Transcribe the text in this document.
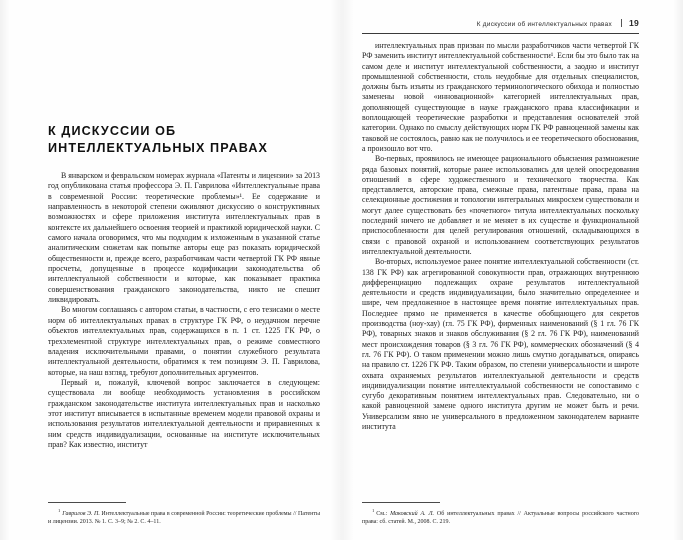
К ДИСКУССИИ ОБ ИНТЕЛЛЕКТУАЛЬНЫХ ПРАВАХ

В январском и февральском номерах журнала «Патенты и лицензии» за 2013 год опубликована статья профессора Э. П. Гаврилова «Интеллектуальные права в современной России: теоретические проблемы»¹. Ее содержание и направленность в некоторой степени оживляют дискуссию о конструктивных возможностях и сфере приложения института интеллектуальных прав в контексте их дальнейшего освоения теорией и практикой юридической науки. С самого начала оговоримся, что мы подходим к изложенным в указанной статье аналитическим сюжетам как попытке авторы еще раз показать юридической общественности и, прежде всего, разработчикам части четвертой ГК РФ явные просчеты, допущенные в процессе кодификации законодательства об интеллектуальной собственности и которые, как показывает практика совершенствования гражданского законодательства, никто не спешит ликвидировать.

Во многом соглашаясь с автором статьи, в частности, с его тезисами о месте норм об интеллектуальных правах в структуре ГК РФ, о неудачном перечне объектов интеллектуальных прав, содержащихся в п. 1 ст. 1225 ГК РФ, о трехэлементной структуре интеллектуальных прав, о режиме совместного владения исключительными правами, о понятии служебного результата интеллектуальной деятельности, обратимся к тем позициям Э. П. Гаврилова, которые, на наш взгляд, требуют дополнительных аргументов.

Первый и, пожалуй, ключевой вопрос заключается в следующем: существовала ли вообще необходимость установления в российском гражданском законодательстве института интеллектуальных прав и насколько этот институт вписывается в испытанные временем модели правовой охраны и использования результатов интеллектуальной деятельности и приравненных к ним средств индивидуализации, основанные на институте исключительных прав? Как известно, институт

$^1$Гаврилов Э. П. Интеллектуальные права в современной России: теоретические проблемы // Патенты и лицензии. 2013. № 1. С. 3–9; № 2. С. 4–11.

К дискуссии об интеллектуальных правах 19

интеллектуальных прав призван по мысли разработчиков части четвертой ГК РФ заменить институт интеллектуальной собственности¹. Если бы это было так на самом деле и институт интеллектуальной собственности, а заодно и институт промышленной собственности, столь неудобные для отдельных специалистов, должны быть изъяты из гражданского терминологического обихода и полностью заменены новой «инновационной» категорией интеллектуальных прав, дополняющей существующие в науке гражданского права классификации и воплощающей теоретические разработки и представления основателей этой категории. Однако по смыслу действующих норм ГК РФ равноценной замены как таковой не состоялось, равно как не получилось и ее теоретического обоснования, а произошло вот что.

Во-первых, проявилось не имеющее рационального объяснения размножение ряда базовых понятий, которые ранее использовались для целей опосредования отношений в сфере художественного и технического творчества. Как представляется, авторские права, смежные права, патентные права, права на селекционные достижения и топологии интегральных микросхем существовали и могут далее существовать без «почетного» титула интеллектуальных поскольку последний ничего не добавляет и не меняет в их существе и функциональной приспособленности для целей регулирования отношений, складывающихся в связи с правовой охраной и использованием соответствующих результатов интеллектуальной деятельности.

Во-вторых, используемое ранее понятие интеллектуальной собственности (ст. 138 ГК РФ) как агрегированной совокупности прав, отражающих внутреннюю дифференциацию подлежащих охране результатов интеллектуальной деятельности и средств индивидуализации, было значительно определеннее и шире, чем предложенное в настоящее время понятие интеллектуальных прав. Последнее прямо не применяется в качестве обобщающего для секретов производства (ноу-хау) (гл. 75 ГК РФ), фирменных наименований (§ 1 гл. 76 ГК РФ), товарных знаков и знаков обслуживания (§ 2 гл. 76 ГК РФ), наименований мест происхождения товаров (§ 3 гл. 76 ГК РФ), коммерческих обозначений (§ 4 гл. 76 ГК РФ). О таком применении можно лишь смутно догадываться, опираясь на правило ст. 1226 ГК РФ. Таким образом, по степени универсальности и широте охвата охраняемых результатов интеллектуальной деятельности и средств индивидуализации понятие интеллектуальной собственности не сопоставимо с сугубо декоративным понятием интеллектуальных прав. Следовательно, ни о какой равноценной замене одного института другим не может быть и речи. Универсализм явно не универсального в предложенном законодателем варианте института

$^1$См.: Маковский А. Л. Об интеллектуальных правах // Актуальные вопросы российского частного права: сб. статей. М., 2008. С. 219.
